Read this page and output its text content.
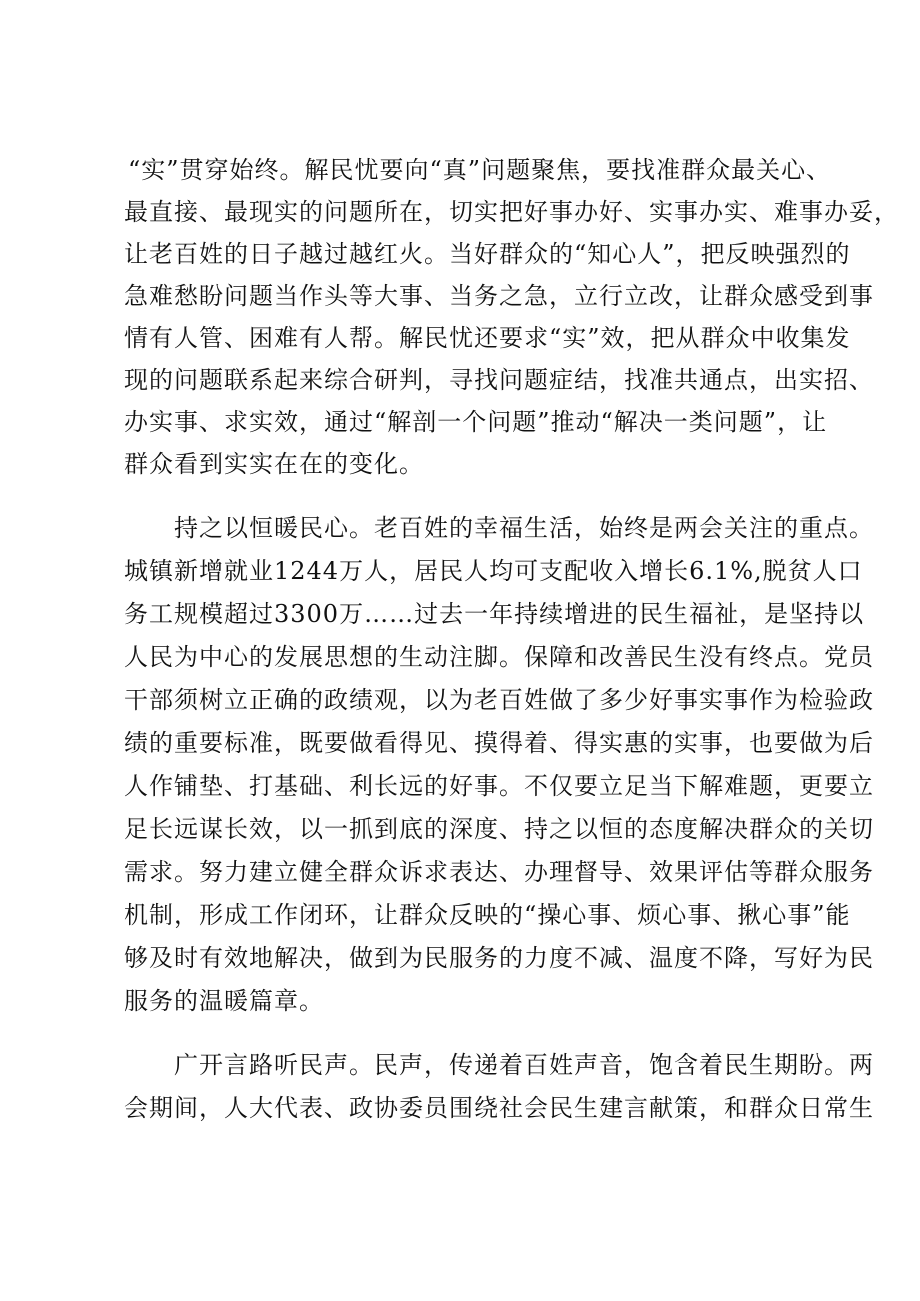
“实”贯穿始终。解民忧要向“真”问题聚焦，要找准群众最关心、
最直接、最现实的问题所在，切实把好事办好、实事办实、难事办妥，
让老百姓的日子越过越红火。当好群众的“知心人”，把反映强烈的
急难愁盼问题当作头等大事、当务之急，立行立改，让群众感受到事
情有人管、困难有人帮。解民忧还要求“实”效，把从群众中收集发
现的问题联系起来综合研判，寻找问题症结，找准共通点，出实招、
办实事、求实效，通过“解剖一个问题”推动“解决一类问题”，让
群众看到实实在在的变化。
持之以恒暖民心。老百姓的幸福生活，始终是两会关注的重点。
城镇新增就业1244万人，居民人均可支配收入增长6.1%,脱贫人口
务工规模超过3300万……过去一年持续增进的民生福祉，是坚持以
人民为中心的发展思想的生动注脚。保障和改善民生没有终点。党员
干部须树立正确的政绩观，以为老百姓做了多少好事实事作为检验政
绩的重要标准，既要做看得见、摸得着、得实惠的实事，也要做为后
人作铺垫、打基础、利长远的好事。不仅要立足当下解难题，更要立
足长远谋长效，以一抓到底的深度、持之以恒的态度解决群众的关切
需求。努力建立健全群众诉求表达、办理督导、效果评估等群众服务
机制，形成工作闭环，让群众反映的“操心事、烦心事、揪心事”能
够及时有效地解决，做到为民服务的力度不减、温度不降，写好为民
服务的温暖篇章。
广开言路听民声。民声，传递着百姓声音，饱含着民生期盼。两
会期间，人大代表、政协委员围绕社会民生建言献策，和群众日常生
